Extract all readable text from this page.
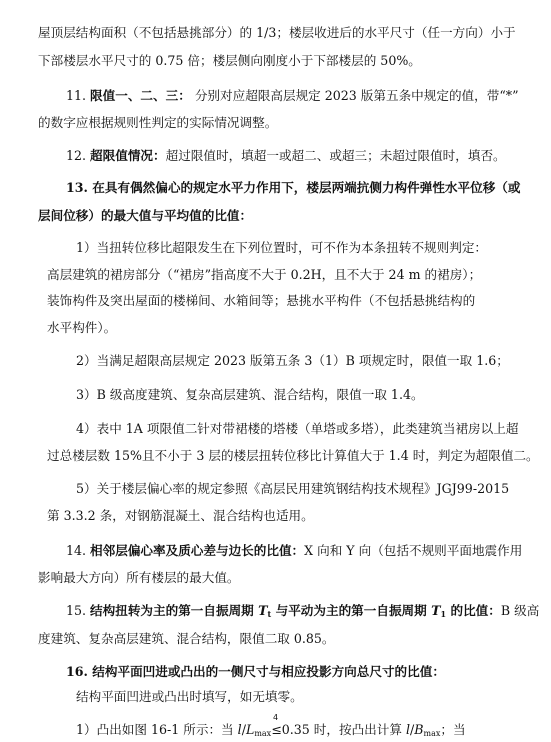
屋顶层结构面积（不包括悬挑部分）的 1/3；楼层收进后的水平尺寸（任一方向）小于
下部楼层水平尺寸的 0.75 倍；楼层侧向刚度小于下部楼层的 50%。
11. 限值一、二、三： 分别对应超限高层规定 2023 版第五条中规定的值，带“*”
的数字应根据规则性判定的实际情况调整。
12. 超限值情况：超过限值时，填超一或超二、或超三；未超过限值时，填否。
13. 在具有偶然偏心的规定水平力作用下，楼层两端抗侧力构件弹性水平位移（或
层间位移）的最大值与平均值的比值：
1）当扭转位移比超限发生在下列位置时，可不作为本条扭转不规则判定：
高层建筑的裙房部分（“裙房”指高度不大于 0.2H，且不大于 24 m 的裙房）；
装饰构件及突出屋面的楼梯间、水箱间等；悬挑水平构件（不包括悬挑结构的
水平构件）。
2）当满足超限高层规定 2023 版第五条 3（1）B 项规定时，限值一取 1.6；
3）B 级高度建筑、复杂高层建筑、混合结构，限值一取 1.4。
4）表中 1A 项限值二针对带裙楼的塔楼（单塔或多塔），此类建筑当裙房以上超
过总楼层数 15%且不小于 3 层的楼层扭转位移比计算值大于 1.4 时，判定为超限值二。
5）关于楼层偏心率的规定参照《高层民用建筑钢结构技术规程》JGJ99-2015
第 3.3.2 条，对钢筋混凝土、混合结构也适用。
14. 相邻层偏心率及质心差与边长的比值：X 向和 Y 向（包括不规则平面地震作用
影响最大方向）所有楼层的最大值。
15. 结构扭转为主的第一自振周期 $T_t$ 与平动为主的第一自振周期 $T_1$ 的比值：B 级高
度建筑、复杂高层建筑、混合结构，限值二取 0.85。
16. 结构平面凹进或凸出的一侧尺寸与相应投影方向总尺寸的比值：
结构平面凹进或凸出时填写，如无填零。
1）凸出如图 16-1 所示：当 $l/L_{max}\le 0.35$ 时，按凸出计算 $l/B_{max}$；当
4
